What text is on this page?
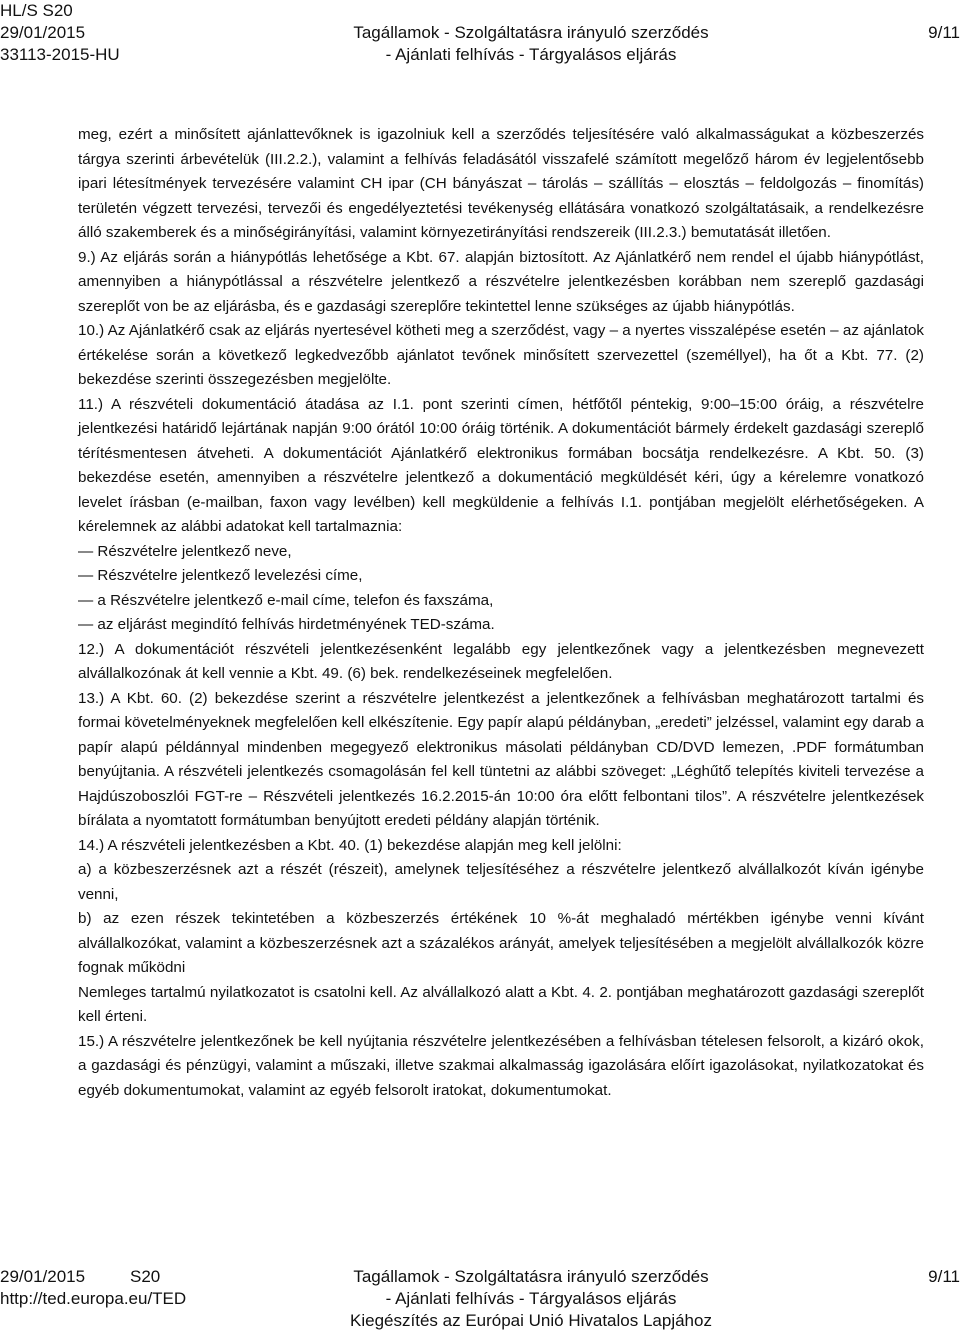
HL/S S20
29/01/2015	Tagállamok - Szolgáltatásra irányuló szerződés	9/11
33113-2015-HU	- Ajánlati felhívás - Tárgyalásos eljárás

meg, ezért a minősített ajánlattevőknek is igazolniuk kell a szerződés teljesítésére való alkalmasságukat a közbeszerzés tárgya szerinti árbevételük (III.2.2.), valamint a felhívás feladásától visszafelé számított megelőző három év legjelentősebb ipari létesítmények tervezésére valamint CH ipar (CH bányászat – tárolás – szállítás – elosztás – feldolgozás – finomítás) területén végzett tervezési, tervezői és engedélyeztetési tevékenység ellátására vonatkozó szolgáltatásaik, a rendelkezésre álló szakemberek és a minőségirányítási, valamint környezetirányítási rendszereik (III.2.3.) bemutatását illetően.

9.) Az eljárás során a hiánypótlás lehetősége a Kbt. 67. alapján biztosított. Az Ajánlatkérő nem rendel el újabb hiánypótlást, amennyiben a hiánypótlással a részvételre jelentkező a részvételre jelentkezésben korábban nem szereplő gazdasági szereplőt von be az eljárásba, és e gazdasági szereplőre tekintettel lenne szükséges az újabb hiánypótlás.

10.) Az Ajánlatkérő csak az eljárás nyertesével kötheti meg a szerződést, vagy – a nyertes visszalépése esetén – az ajánlatok értékelése során a következő legkedvezőbb ajánlatot tevőnek minősített szervezettel (személlyel), ha őt a Kbt. 77. (2) bekezdése szerinti összegezésben megjelölte.

11.) A részvételi dokumentáció átadása az I.1. pont szerinti címen, hétfőtől péntekig, 9:00–15:00 óráig, a részvételre jelentkezési határidő lejártának napján 9:00 órától 10:00 óráig történik. A dokumentációt bármely érdekelt gazdasági szereplő térítésmentesen átveheti. A dokumentációt Ajánlatkérő elektronikus formában bocsátja rendelkezésre. A Kbt. 50. (3) bekezdése esetén, amennyiben a részvételre jelentkező a dokumentáció megküldését kéri, úgy a kérelemre vonatkozó levelet írásban (e-mailban, faxon vagy levélben) kell megküldenie a felhívás I.1. pontjában megjelölt elérhetőségeken. A kérelemnek az alábbi adatokat kell tartalmaznia:

— Részvételre jelentkező neve,

— Részvételre jelentkező levelezési címe,

— a Részvételre jelentkező e-mail címe, telefon és faxszáma,

— az eljárást megindító felhívás hirdetményének TED-száma.

12.) A dokumentációt részvételi jelentkezésenként legalább egy jelentkezőnek vagy a jelentkezésben megnevezett alvállalkozónak át kell vennie a Kbt. 49. (6) bek. rendelkezéseinek megfelelően.

13.) A Kbt. 60. (2) bekezdése szerint a részvételre jelentkezést a jelentkezőnek a felhívásban meghatározott tartalmi és formai követelményeknek megfelelően kell elkészítenie. Egy papír alapú példányban, „eredeti” jelzéssel, valamint egy darab a papír alapú példánnyal mindenben megegyező elektronikus másolati példányban CD/DVD lemezen, .PDF formátumban benyújtania. A részvételi jelentkezés csomagolásán fel kell tüntetni az alábbi szöveget: „Léghűtő telepítés kiviteli tervezése a Hajdúszoboszlói FGT-re – Részvételi jelentkezés 16.2.2015-án 10:00 óra előtt felbontani tilos”. A részvételre jelentkezések bírálata a nyomtatott formátumban benyújtott eredeti példány alapján történik.

14.) A részvételi jelentkezésben a Kbt. 40. (1) bekezdése alapján meg kell jelölni:

a) a közbeszerzésnek azt a részét (részeit), amelynek teljesítéséhez a részvételre jelentkező alvállalkozót kíván igénybe venni,

b) az ezen részek tekintetében a közbeszerzés értékének 10 %-át meghaladó mértékben igénybe venni kívánt alvállalkozókat, valamint a közbeszerzésnek azt a százalékos arányát, amelyek teljesítésében a megjelölt alvállalkozók közre fognak működni

Nemleges tartalmú nyilatkozatot is csatolni kell. Az alvállalkozó alatt a Kbt. 4. 2. pontjában meghatározott gazdasági szereplőt kell érteni.

15.) A részvételre jelentkezőnek be kell nyújtania részvételre jelentkezésében a felhívásban tételesen felsorolt, a kizáró okok, a gazdasági és pénzügyi, valamint a műszaki, illetve szakmai alkalmasság igazolására előírt igazolásokat, nyilatkozatokat és egyéb dokumentumokat, valamint az egyéb felsorolt iratokat, dokumentumokat.

29/01/2015	S20	Tagállamok - Szolgáltatásra irányuló szerződés	9/11
http://ted.europa.eu/TED	- Ajánlati felhívás - Tárgyalásos eljárás
Kiegészítés az Európai Unió Hivatalos Lapjához
